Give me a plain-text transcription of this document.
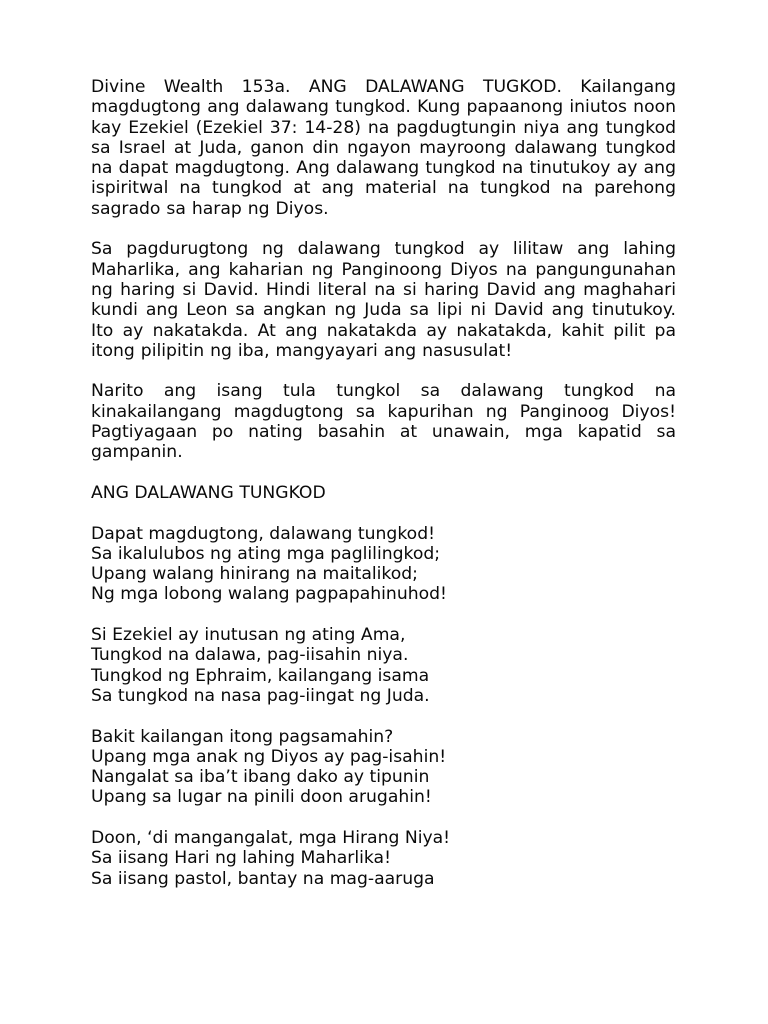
Divine Wealth 153a. ANG DALAWANG TUGKOD. Kailangang magdugtong ang dalawang tungkod. Kung papaanong iniutos noon kay Ezekiel (Ezekiel 37: 14-28) na pagdugtungin niya ang tungkod sa Israel at Juda, ganon din ngayon mayroong dalawang tungkod na dapat magdugtong. Ang dalawang tungkod na tinutukoy ay ang ispiritwal na tungkod at ang material na tungkod na parehong sagrado sa harap ng Diyos.

Sa pagdurugtong ng dalawang tungkod ay lilitaw ang lahing Maharlika, ang kaharian ng Panginoong Diyos na pangungunahan ng haring si David. Hindi literal na si haring David ang maghahari kundi ang Leon sa angkan ng Juda sa lipi ni David ang tinutukoy. Ito ay nakatakda. At ang nakatakda ay nakatakda, kahit pilit pa itong pilipitin ng iba, mangyayari ang nasusulat!

Narito ang isang tula tungkol sa dalawang tungkod na kinakailangang magdugtong sa kapurihan ng Panginoog Diyos! Pagtiyagaan po nating basahin at unawain, mga kapatid sa gampanin.

ANG DALAWANG TUNGKOD

Dapat magdugtong, dalawang tungkod!
Sa ikalulubos ng ating mga paglilingkod;
Upang walang hinirang na maitalikod;
Ng mga lobong walang pagpapahinuhod!
Si Ezekiel ay inutusan ng ating Ama,
Tungkod na dalawa, pag-iisahin niya.
Tungkod ng Ephraim, kailangang isama
Sa tungkod na nasa pag-iingat ng Juda.
Bakit kailangan itong pagsamahin?
Upang mga anak ng Diyos ay pag-isahin!
Nangalat sa iba’t ibang dako ay tipunin
Upang sa lugar na pinili doon arugahin!
Doon, ‘di mangangalat, mga Hirang Niya!
Sa iisang Hari ng lahing Maharlika!
Sa iisang pastol, bantay na mag-aaruga
